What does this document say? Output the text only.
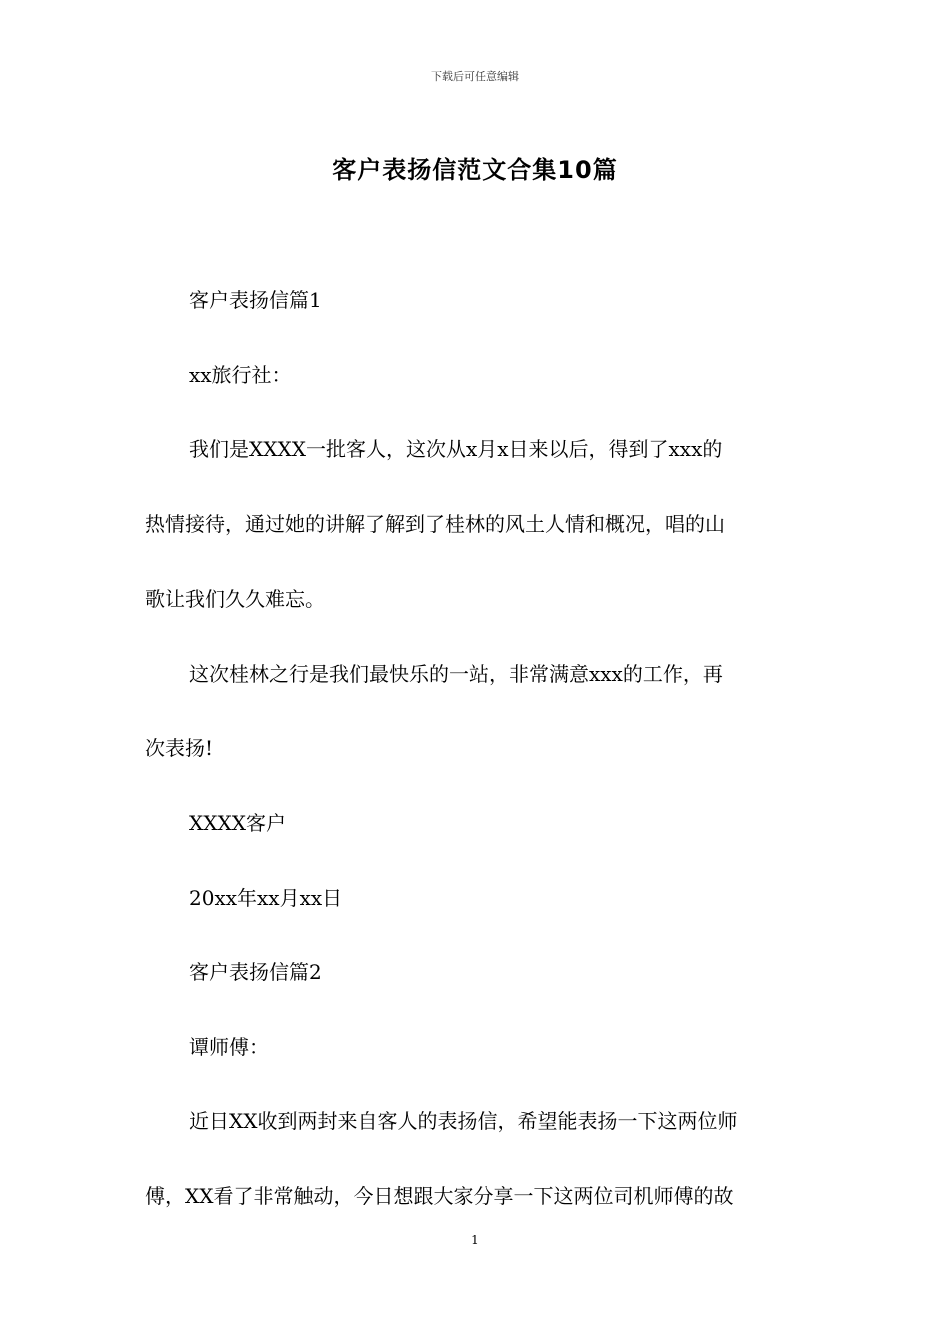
下载后可任意编辑
客户表扬信范文合集10篇
客户表扬信篇1
xx旅行社：
我们是XXXX一批客人，这次从x月x日来以后，得到了xxx的
热情接待，通过她的讲解了解到了桂林的风土人情和概况，唱的山
歌让我们久久难忘。
这次桂林之行是我们最快乐的一站，非常满意xxx的工作，再
次表扬!
XXXX客户
20xx年xx月xx日
客户表扬信篇2
谭师傅：
近日XX收到两封来自客人的表扬信，希望能表扬一下这两位师
傅，XX看了非常触动，今日想跟大家分享一下这两位司机师傅的故
1
